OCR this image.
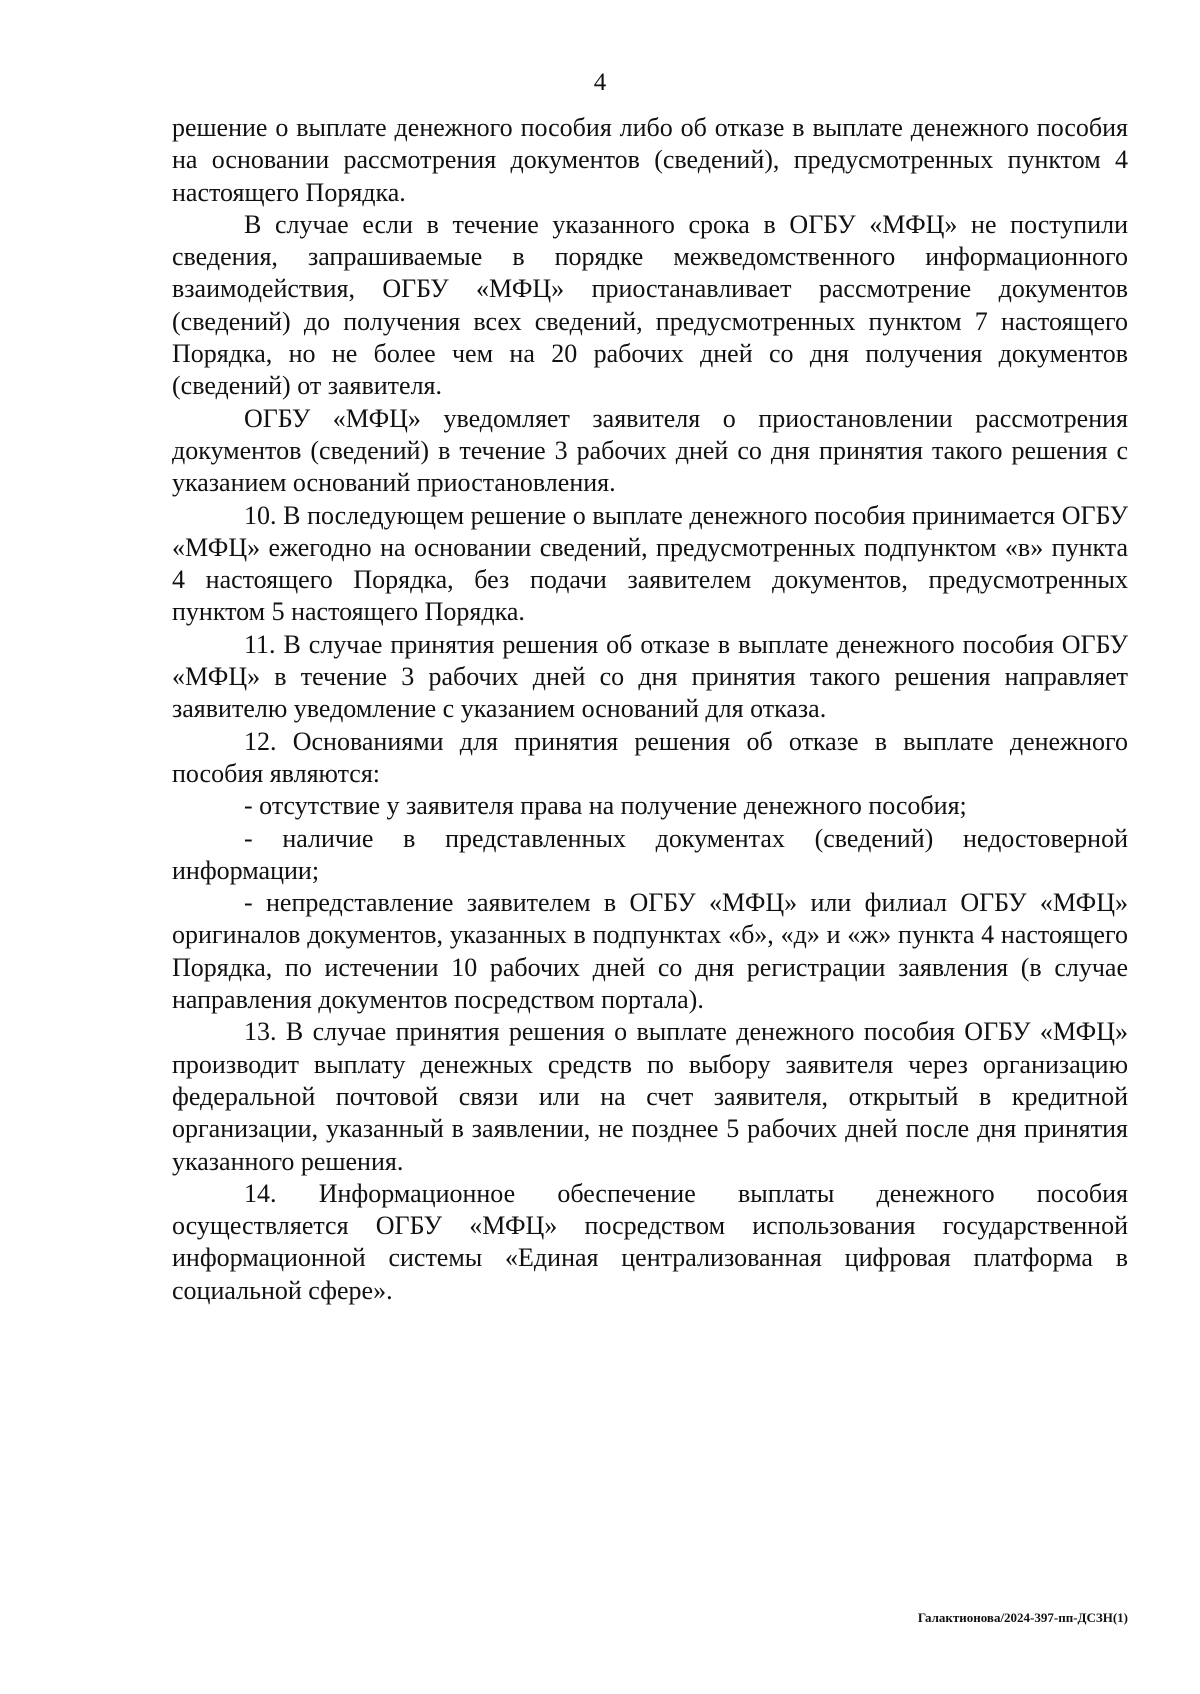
4

решение о выплате денежного пособия либо об отказе в выплате денежного пособия на основании рассмотрения документов (сведений), предусмотренных пунктом 4 настоящего Порядка.

В случае если в течение указанного срока в ОГБУ «МФЦ» не поступили сведения, запрашиваемые в порядке межведомственного информационного взаимодействия, ОГБУ «МФЦ» приостанавливает рассмотрение документов (сведений) до получения всех сведений, предусмотренных пунктом 7 настоящего Порядка, но не более чем на 20 рабочих дней со дня получения документов (сведений) от заявителя.

ОГБУ «МФЦ» уведомляет заявителя о приостановлении рассмотрения документов (сведений) в течение 3 рабочих дней со дня принятия такого решения с указанием оснований приостановления.

10. В последующем решение о выплате денежного пособия принимается ОГБУ «МФЦ» ежегодно на основании сведений, предусмотренных подпунктом «в» пункта 4 настоящего Порядка, без подачи заявителем документов, предусмотренных пунктом 5 настоящего Порядка.

11. В случае принятия решения об отказе в выплате денежного пособия ОГБУ «МФЦ» в течение 3 рабочих дней со дня принятия такого решения направляет заявителю уведомление с указанием оснований для отказа.

12. Основаниями для принятия решения об отказе в выплате денежного пособия являются:

- отсутствие у заявителя права на получение денежного пособия;

- наличие в представленных документах (сведений) недостоверной информации;

- непредставление заявителем в ОГБУ «МФЦ» или филиал ОГБУ «МФЦ» оригиналов документов, указанных в подпунктах «б», «д» и «ж» пункта 4 настоящего Порядка, по истечении 10 рабочих дней со дня регистрации заявления (в случае направления документов посредством портала).

13. В случае принятия решения о выплате денежного пособия ОГБУ «МФЦ» производит выплату денежных средств по выбору заявителя через организацию федеральной почтовой связи или на счет заявителя, открытый в кредитной организации, указанный в заявлении, не позднее 5 рабочих дней после дня принятия указанного решения.

14. Информационное обеспечение выплаты денежного пособия осуществляется ОГБУ «МФЦ» посредством использования государственной информационной системы «Единая централизованная цифровая платформа в социальной сфере».

Галактионова/2024-397-пп-ДСЗН(1)
